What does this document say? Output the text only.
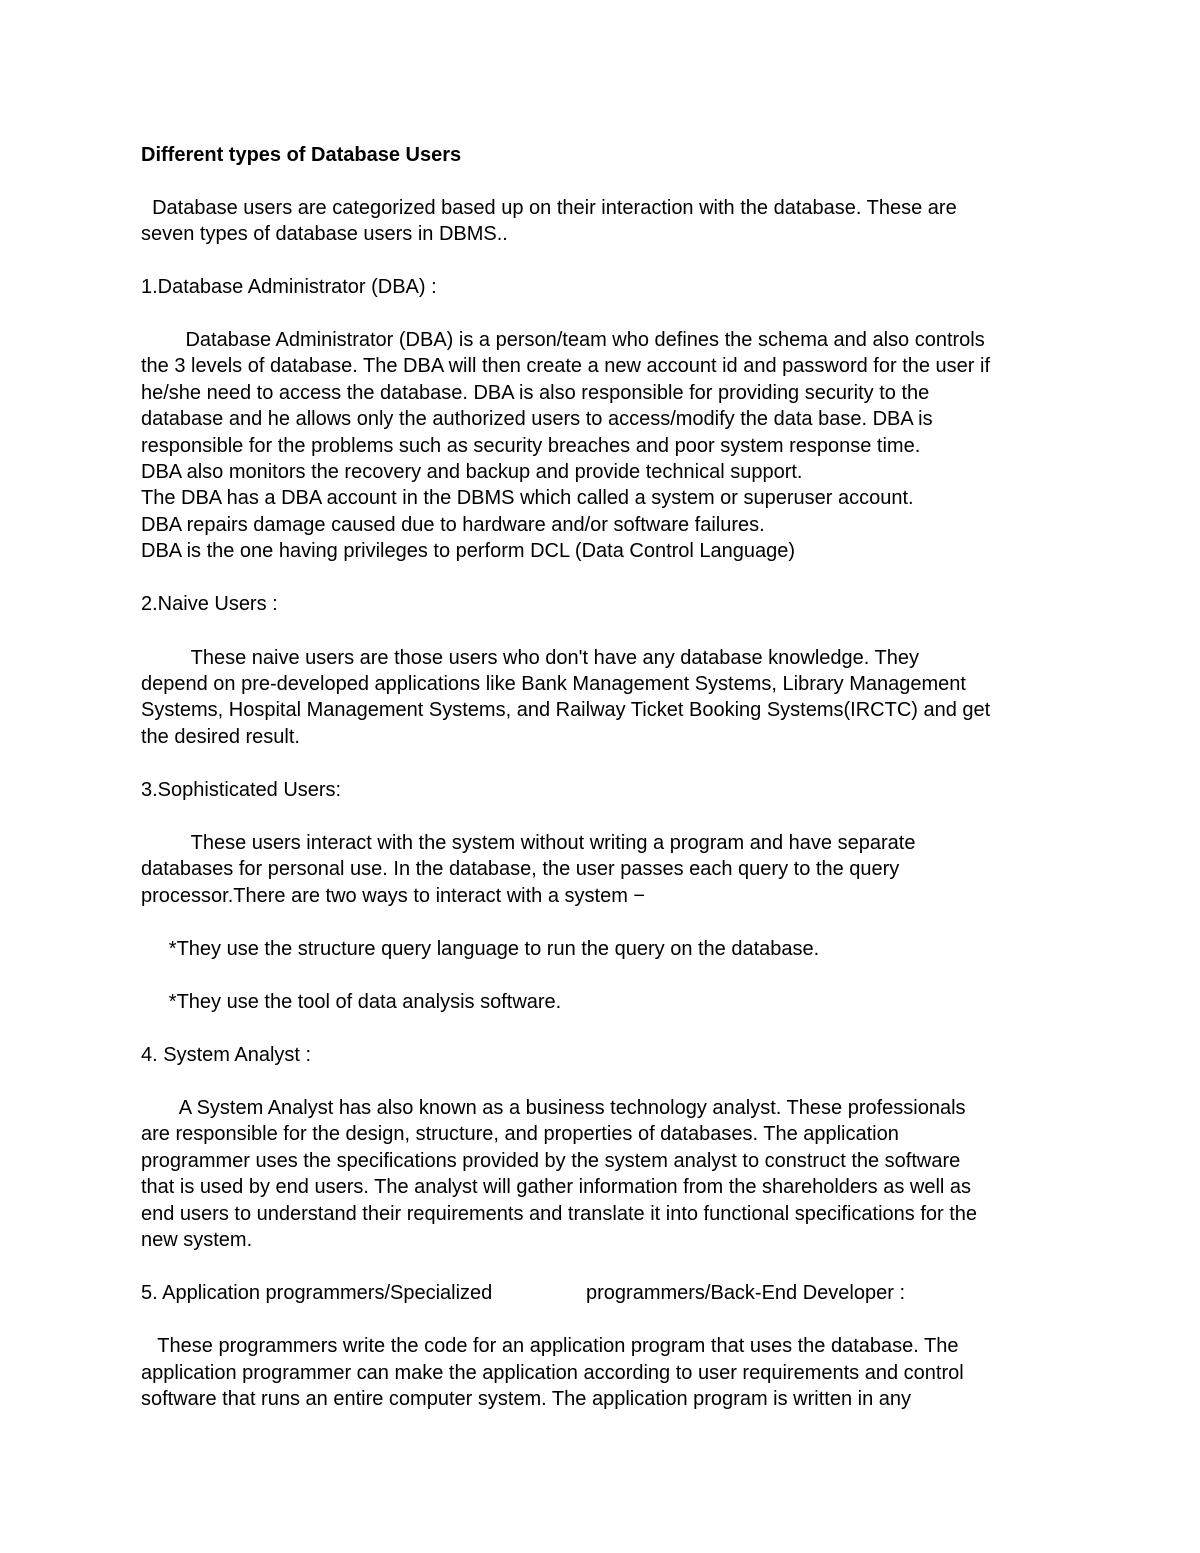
Different types of Database Users

Database users are categorized based up on their interaction with the database. These are

seven types of database users in DBMS..

1.Database Administrator (DBA) :

Database Administrator (DBA) is a person/team who defines the schema and also controls

the 3 levels of database. The DBA will then create a new account id and password for the user if

he/she need to access the database. DBA is also responsible for providing security to the

database and he allows only the authorized users to access/modify the data base. DBA is

responsible for the problems such as security breaches and poor system response time.

DBA also monitors the recovery and backup and provide technical support.

The DBA has a DBA account in the DBMS which called a system or superuser account.

DBA repairs damage caused due to hardware and/or software failures.

DBA is the one having privileges to perform DCL (Data Control Language)

2.Naive Users :

These naive users are those users who don't have any database knowledge. They

depend on pre-developed applications like Bank Management Systems, Library Management

Systems, Hospital Management Systems, and Railway Ticket Booking Systems(IRCTC) and get

the desired result.

3.Sophisticated Users:

These users interact with the system without writing a program and have separate

databases for personal use. In the database, the user passes each query to the query

processor.There are two ways to interact with a system −

*They use the structure query language to run the query on the database.

*They use the tool of data analysis software.

4. System Analyst :

A System Analyst has also known as a business technology analyst. These professionals

are responsible for the design, structure, and properties of databases. The application

programmer uses the specifications provided by the system analyst to construct the software

that is used by end users. The analyst will gather information from the shareholders as well as

end users to understand their requirements and translate it into functional specifications for the

new system.

5. Application programmers/Specialized	programmers/Back-End Developer :

These programmers write the code for an application program that uses the database. The

application programmer can make the application according to user requirements and control

software that runs an entire computer system. The application program is written in any
